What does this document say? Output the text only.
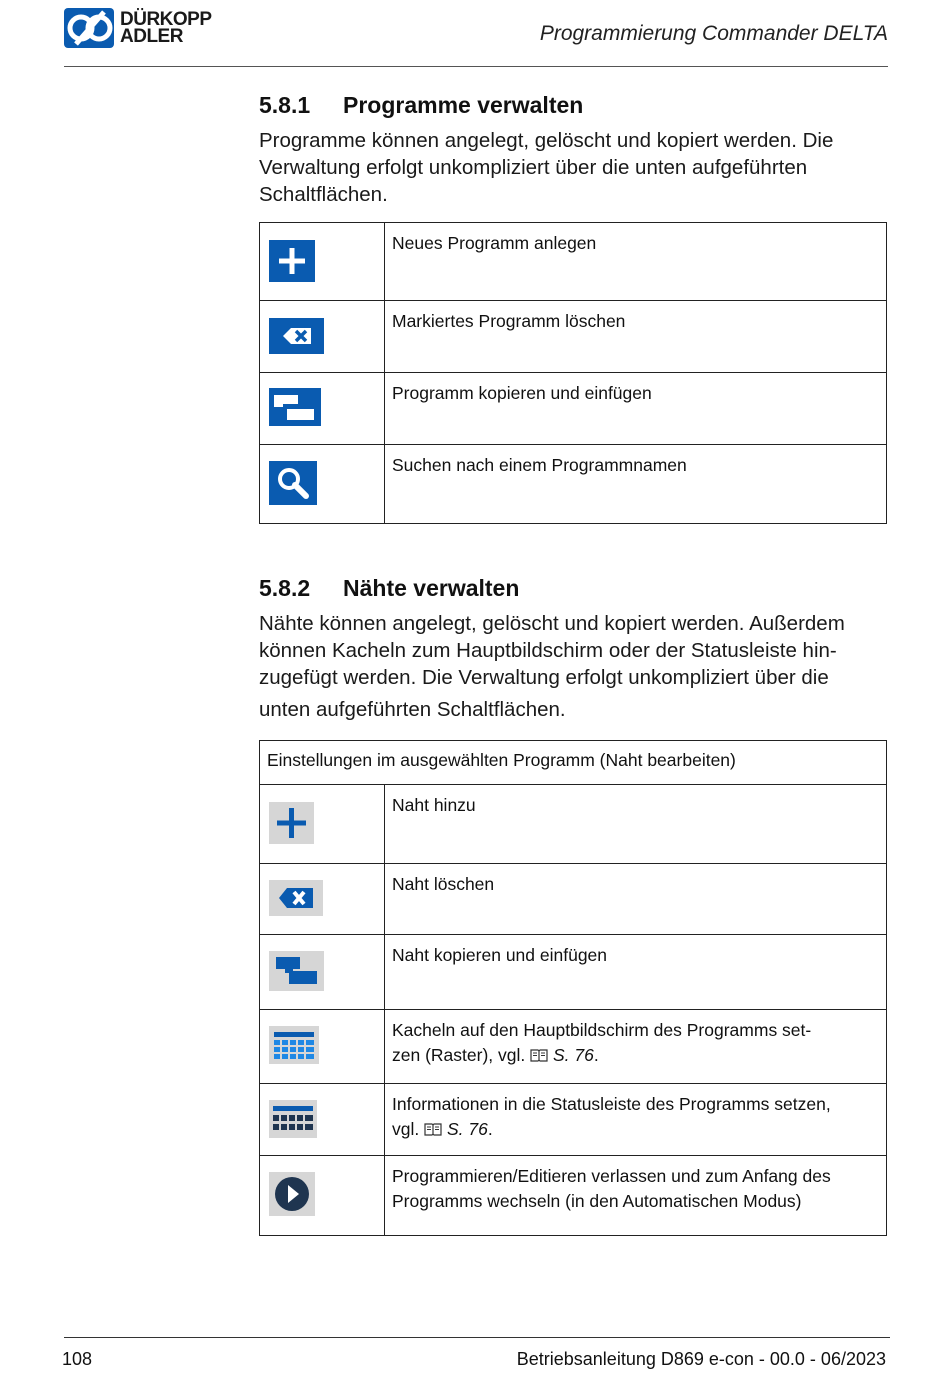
DÜRKOPP
ADLER	Programmierung Commander DELTA
5.8.1	Programme verwalten
Programme können angelegt, gelöscht und kopiert werden. Die Verwaltung erfolgt unkompliziert über die unten aufgeführten Schaltflächen.
	Neues Programm anlegen

	Markiertes Programm löschen

	Programm kopieren und einfügen

	Suchen nach einem Programmnamen
5.8.2	Nähte verwalten
Nähte können angelegt, gelöscht und kopiert werden. Außerdem
können Kacheln zum Hauptbildschirm oder der Statusleiste hin-
zugefügt werden. Die Verwaltung erfolgt unkompliziert über die
unten aufgeführten Schaltflächen.
Einstellungen im ausgewählten Programm (Naht bearbeiten)	

	Naht hinzu

	Naht löschen

	Naht kopieren und einfügen

Kacheln auf den Hauptbildschirm des Programms set-
zen (Raster), vgl.  S. 76.

Informationen in die Statusleiste des Programms setzen,
vgl.  S. 76.

Programmieren/Editieren verlassen und zum Anfang des
Programms wechseln (in den Automatischen Modus)
108	Betriebsanleitung D869 e-con - 00.0 - 06/2023
